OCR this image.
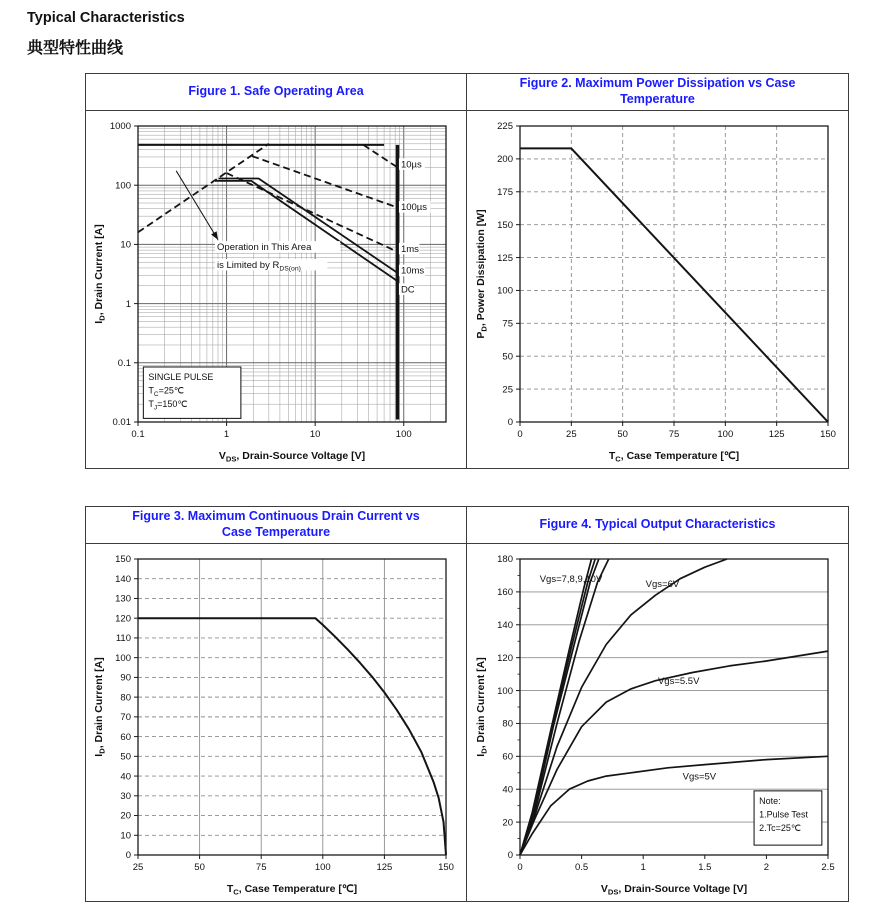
Typical Characteristics
典型特性曲线
Figure 1. Safe Operating Area
0.1	1	10	100
0.01
0.1
1
10
100
1000
SINGLE PULSE
$T_C=25℃$
$T_J=150℃$
10µs
100µs
1ms
10ms
DC
Operation in This Area
is Limited by $R_{DS(on)}$
$V_{DS}$, Drain-Source Voltage [V]
$I_D$, Drain Current [A]
Figure 2. Maximum Power Dissipation vs Case Temperature
0	25	50	75	100	125	150
0
25
50
75
100
125
150
175
200
225
$T_C$, Case Temperature [℃]
$P_D$, Power Dissipation [W]
Figure 3. Maximum Continuous Drain Current vs Case Temperature
25	50	75	100	125	150
0
10
20
30
40
50
60
70
80
90
100
110
120
130
140
150
$T_C$, Case Temperature [℃]
$I_D$, Drain Current [A]
Figure 4. Typical Output Characteristics
0	0.5	1	1.5	2	2.5
0
20
40
60
80
100
120
140
160
180
Note:
1.Pulse Test
2.Tc=25℃
Vgs=7,8,9,10V	Vgs=6V
Vgs=5.5V
Vgs=5V
$V_{DS}$, Drain-Source Voltage [V]
$I_D$, Drain Current [A]
